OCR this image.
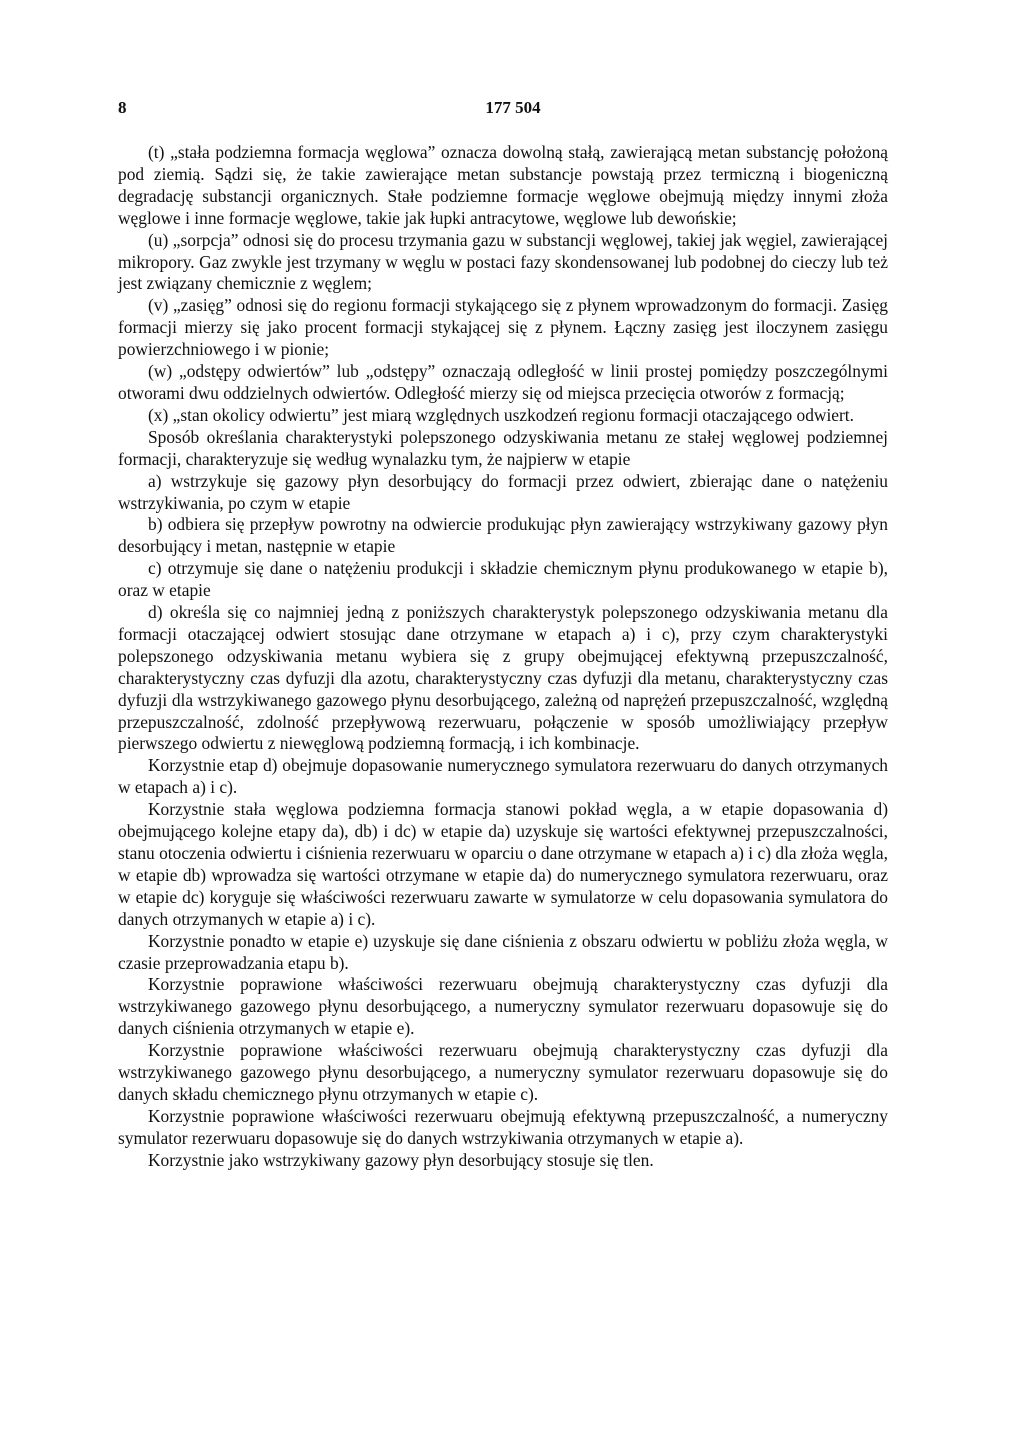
8	177 504

(t) „stała podziemna formacja węglowa” oznacza dowolną stałą, zawierającą metan substancję położoną pod ziemią. Sądzi się, że takie zawierające metan substancje powstają przez termiczną i biogeniczną degradację substancji organicznych. Stałe podziemne formacje węglowe obejmują między innymi złoża węglowe i inne formacje węglowe, takie jak łupki antracytowe, węglowe lub dewońskie;

(u) „sorpcja” odnosi się do procesu trzymania gazu w substancji węglowej, takiej jak węgiel, zawierającej mikropory. Gaz zwykle jest trzymany w węglu w postaci fazy skondensowanej lub podobnej do cieczy lub też jest związany chemicznie z węglem;

(v) „zasięg” odnosi się do regionu formacji stykającego się z płynem wprowadzonym do formacji. Zasięg formacji mierzy się jako procent formacji stykającej się z płynem. Łączny zasięg jest iloczynem zasięgu powierzchniowego i w pionie;

(w) „odstępy odwiertów” lub „odstępy” oznaczają odległość w linii prostej pomiędzy poszczególnymi otworami dwu oddzielnych odwiertów. Odległość mierzy się od miejsca przecięcia otworów z formacją;

(x) „stan okolicy odwiertu” jest miarą względnych uszkodzeń regionu formacji otaczającego odwiert.

Sposób określania charakterystyki polepszonego odzyskiwania metanu ze stałej węglowej podziemnej formacji, charakteryzuje się według wynalazku tym, że najpierw w etapie

a) wstrzykuje się gazowy płyn desorbujący do formacji przez odwiert, zbierając dane o natężeniu wstrzykiwania, po czym w etapie

b) odbiera się przepływ powrotny na odwiercie produkując płyn zawierający wstrzykiwany gazowy płyn desorbujący i metan, następnie w etapie

c) otrzymuje się dane o natężeniu produkcji i składzie chemicznym płynu produkowanego w etapie b), oraz w etapie

d) określa się co najmniej jedną z poniższych charakterystyk polepszonego odzyskiwania metanu dla formacji otaczającej odwiert stosując dane otrzymane w etapach a) i c), przy czym charakterystyki polepszonego odzyskiwania metanu wybiera się z grupy obejmującej efektywną przepuszczalność, charakterystyczny czas dyfuzji dla azotu, charakterystyczny czas dyfuzji dla metanu, charakterystyczny czas dyfuzji dla wstrzykiwanego gazowego płynu desorbującego, zależną od naprężeń przepuszczalność, względną przepuszczalność, zdolność przepływową rezerwuaru, połączenie w sposób umożliwiający przepływ pierwszego odwiertu z niewęglową podziemną formacją, i ich kombinacje.

Korzystnie etap d) obejmuje dopasowanie numerycznego symulatora rezerwuaru do danych otrzymanych w etapach a) i c).

Korzystnie stała węglowa podziemna formacja stanowi pokład węgla, a w etapie dopasowania d) obejmującego kolejne etapy da), db) i dc) w etapie da) uzyskuje się wartości efektywnej przepuszczalności, stanu otoczenia odwiertu i ciśnienia rezerwuaru w oparciu o dane otrzymane w etapach a) i c) dla złoża węgla, w etapie db) wprowadza się wartości otrzymane w etapie da) do numerycznego symulatora rezerwuaru, oraz w etapie dc) koryguje się właściwości rezerwuaru zawarte w symulatorze w celu dopasowania symulatora do danych otrzymanych w etapie a) i c).

Korzystnie ponadto w etapie e) uzyskuje się dane ciśnienia z obszaru odwiertu w pobliżu złoża węgla, w czasie przeprowadzania etapu b).

Korzystnie poprawione właściwości rezerwuaru obejmują charakterystyczny czas dyfuzji dla wstrzykiwanego gazowego płynu desorbującego, a numeryczny symulator rezerwuaru dopasowuje się do danych ciśnienia otrzymanych w etapie e).

Korzystnie poprawione właściwości rezerwuaru obejmują charakterystyczny czas dyfuzji dla wstrzykiwanego gazowego płynu desorbującego, a numeryczny symulator rezerwuaru dopasowuje się do danych składu chemicznego płynu otrzymanych w etapie c).

Korzystnie poprawione właściwości rezerwuaru obejmują efektywną przepuszczalność, a numeryczny symulator rezerwuaru dopasowuje się do danych wstrzykiwania otrzymanych w etapie a).

Korzystnie jako wstrzykiwany gazowy płyn desorbujący stosuje się tlen.
